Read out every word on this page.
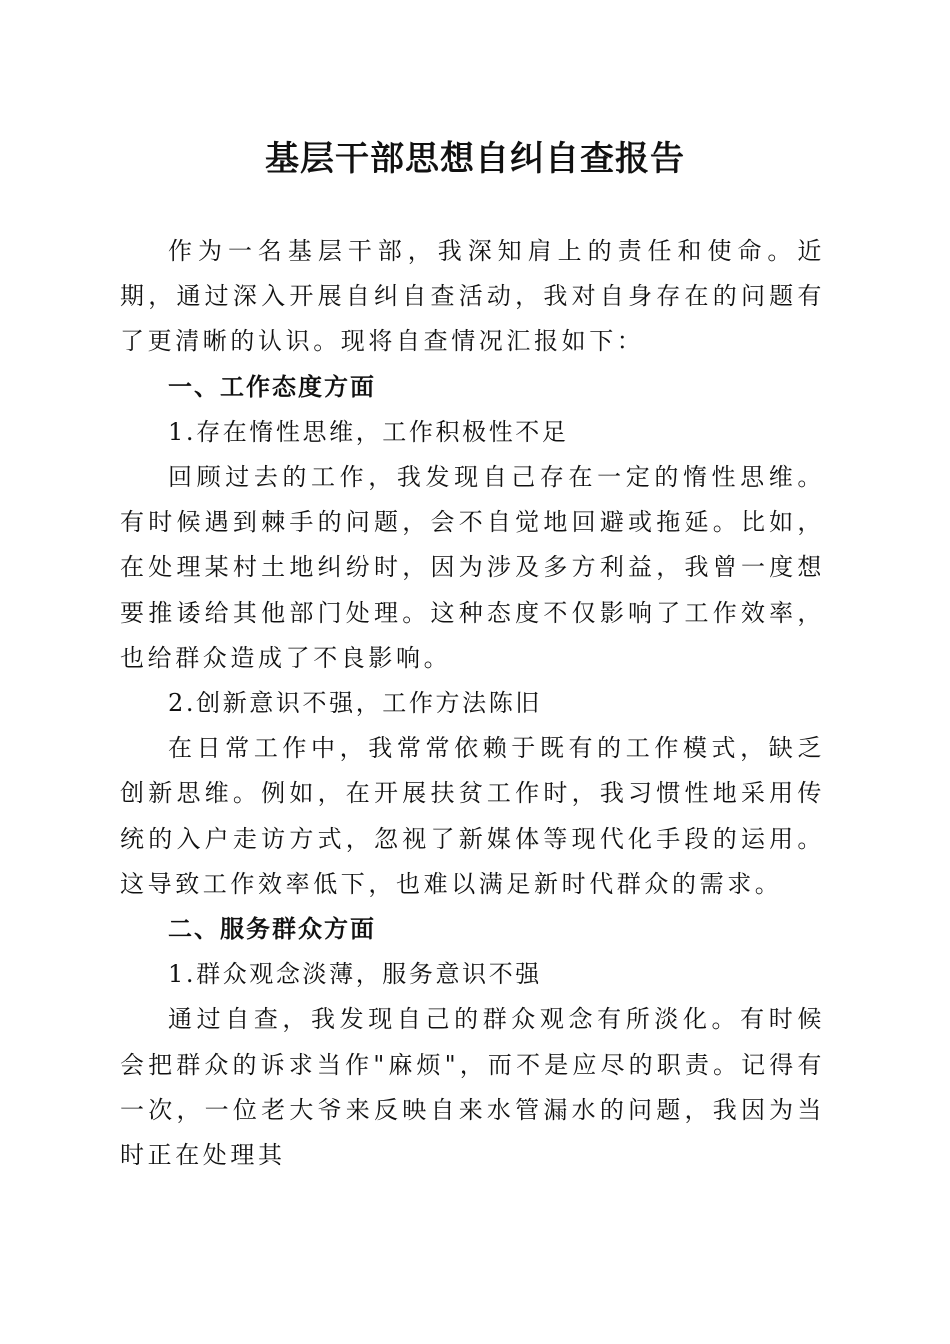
基层干部思想自纠自查报告

作为一名基层干部，我深知肩上的责任和使命。近期，通过深入开展自纠自查活动，我对自身存在的问题有了更清晰的认识。现将自查情况汇报如下：

一、工作态度方面

1.存在惰性思维，工作积极性不足

回顾过去的工作，我发现自己存在一定的惰性思维。有时候遇到棘手的问题，会不自觉地回避或拖延。比如，在处理某村土地纠纷时，因为涉及多方利益，我曾一度想要推诿给其他部门处理。这种态度不仅影响了工作效率，也给群众造成了不良影响。

2.创新意识不强，工作方法陈旧

在日常工作中，我常常依赖于既有的工作模式，缺乏创新思维。例如，在开展扶贫工作时，我习惯性地采用传统的入户走访方式，忽视了新媒体等现代化手段的运用。这导致工作效率低下，也难以满足新时代群众的需求。

二、服务群众方面

1.群众观念淡薄，服务意识不强

通过自查，我发现自己的群众观念有所淡化。有时候会把群众的诉求当作"麻烦"，而不是应尽的职责。记得有一次，一位老大爷来反映自来水管漏水的问题，我因为当时正在处理其
